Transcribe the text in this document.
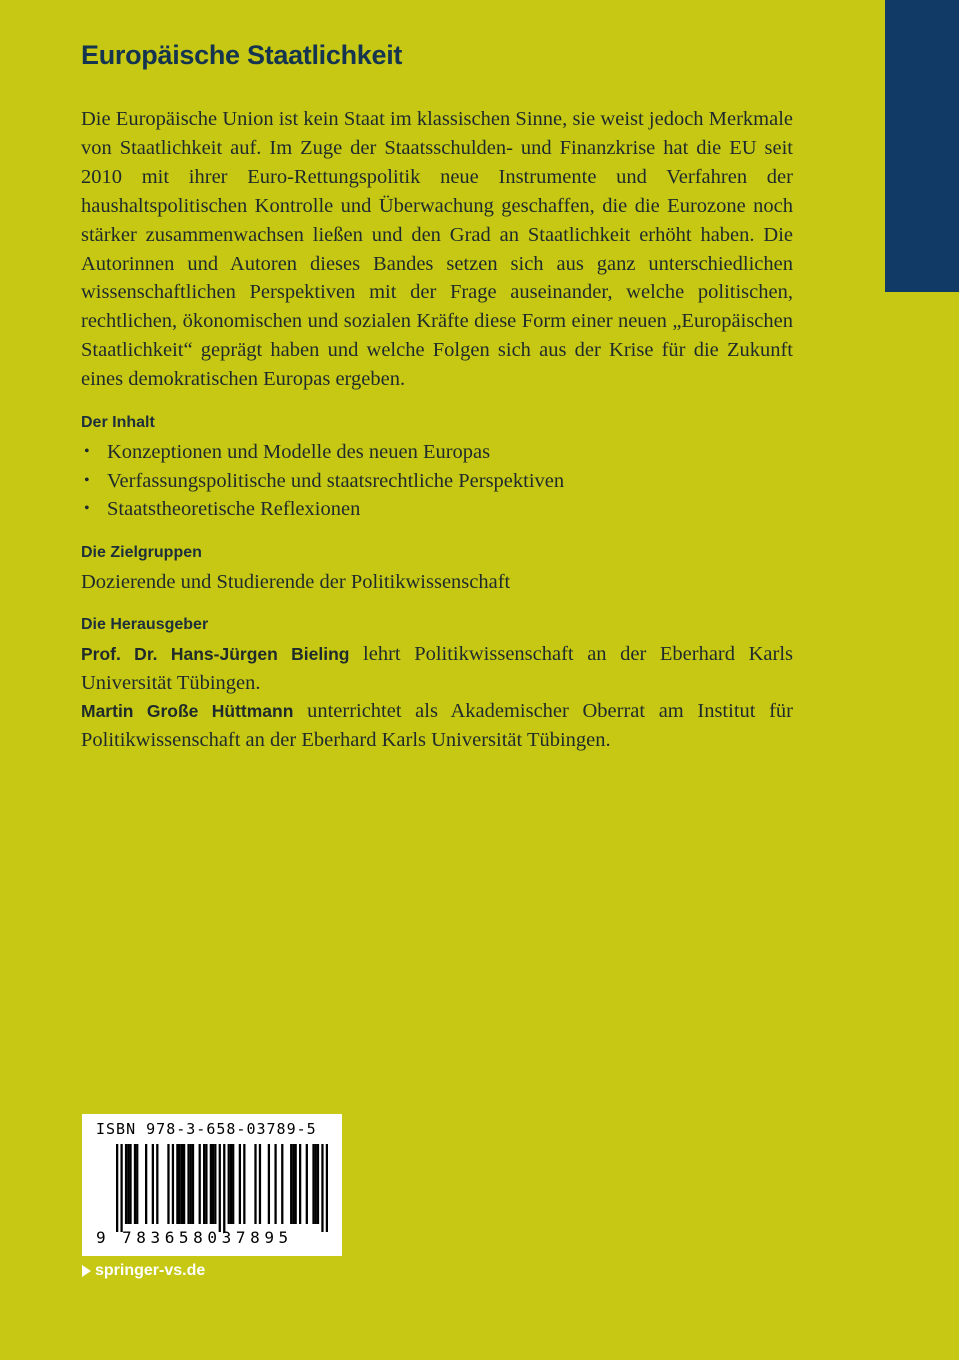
Europäische Staatlichkeit

Die Europäische Union ist kein Staat im klassischen Sinne, sie weist jedoch Merkmale von Staatlichkeit auf. Im Zuge der Staatsschulden- und Finanzkrise hat die EU seit 2010 mit ihrer Euro-Rettungspolitik neue Instrumente und Verfahren der haushaltspolitischen Kontrolle und Überwachung geschaffen, die die Eurozone noch stärker zusammenwachsen ließen und den Grad an Staatlichkeit erhöht haben. Die Autorinnen und Autoren dieses Bandes setzen sich aus ganz unterschiedlichen wissenschaftlichen Perspektiven mit der Frage auseinander, welche politischen, rechtlichen, ökonomischen und sozialen Kräfte diese Form einer neuen „Europäischen Staatlichkeit“ geprägt haben und welche Folgen sich aus der Krise für die Zukunft eines demokratischen Europas ergeben.

Der Inhalt
• Konzeptionen und Modelle des neuen Europas
• Verfassungspolitische und staatsrechtliche Perspektiven
• Staatstheoretische Reflexionen
Die Zielgruppen

Dozierende und Studierende der Politikwissenschaft

Die Herausgeber

Prof. Dr. Hans-Jürgen Bieling lehrt Politikwissenschaft an der Eberhard Karls Universität Tübingen.

Martin Große Hüttmann unterrichtet als Akademischer Oberrat am Institut für Politikwissenschaft an der Eberhard Karls Universität Tübingen.

ISBN 978-3-658-03789-5
9 783658037895
springer-vs.de
